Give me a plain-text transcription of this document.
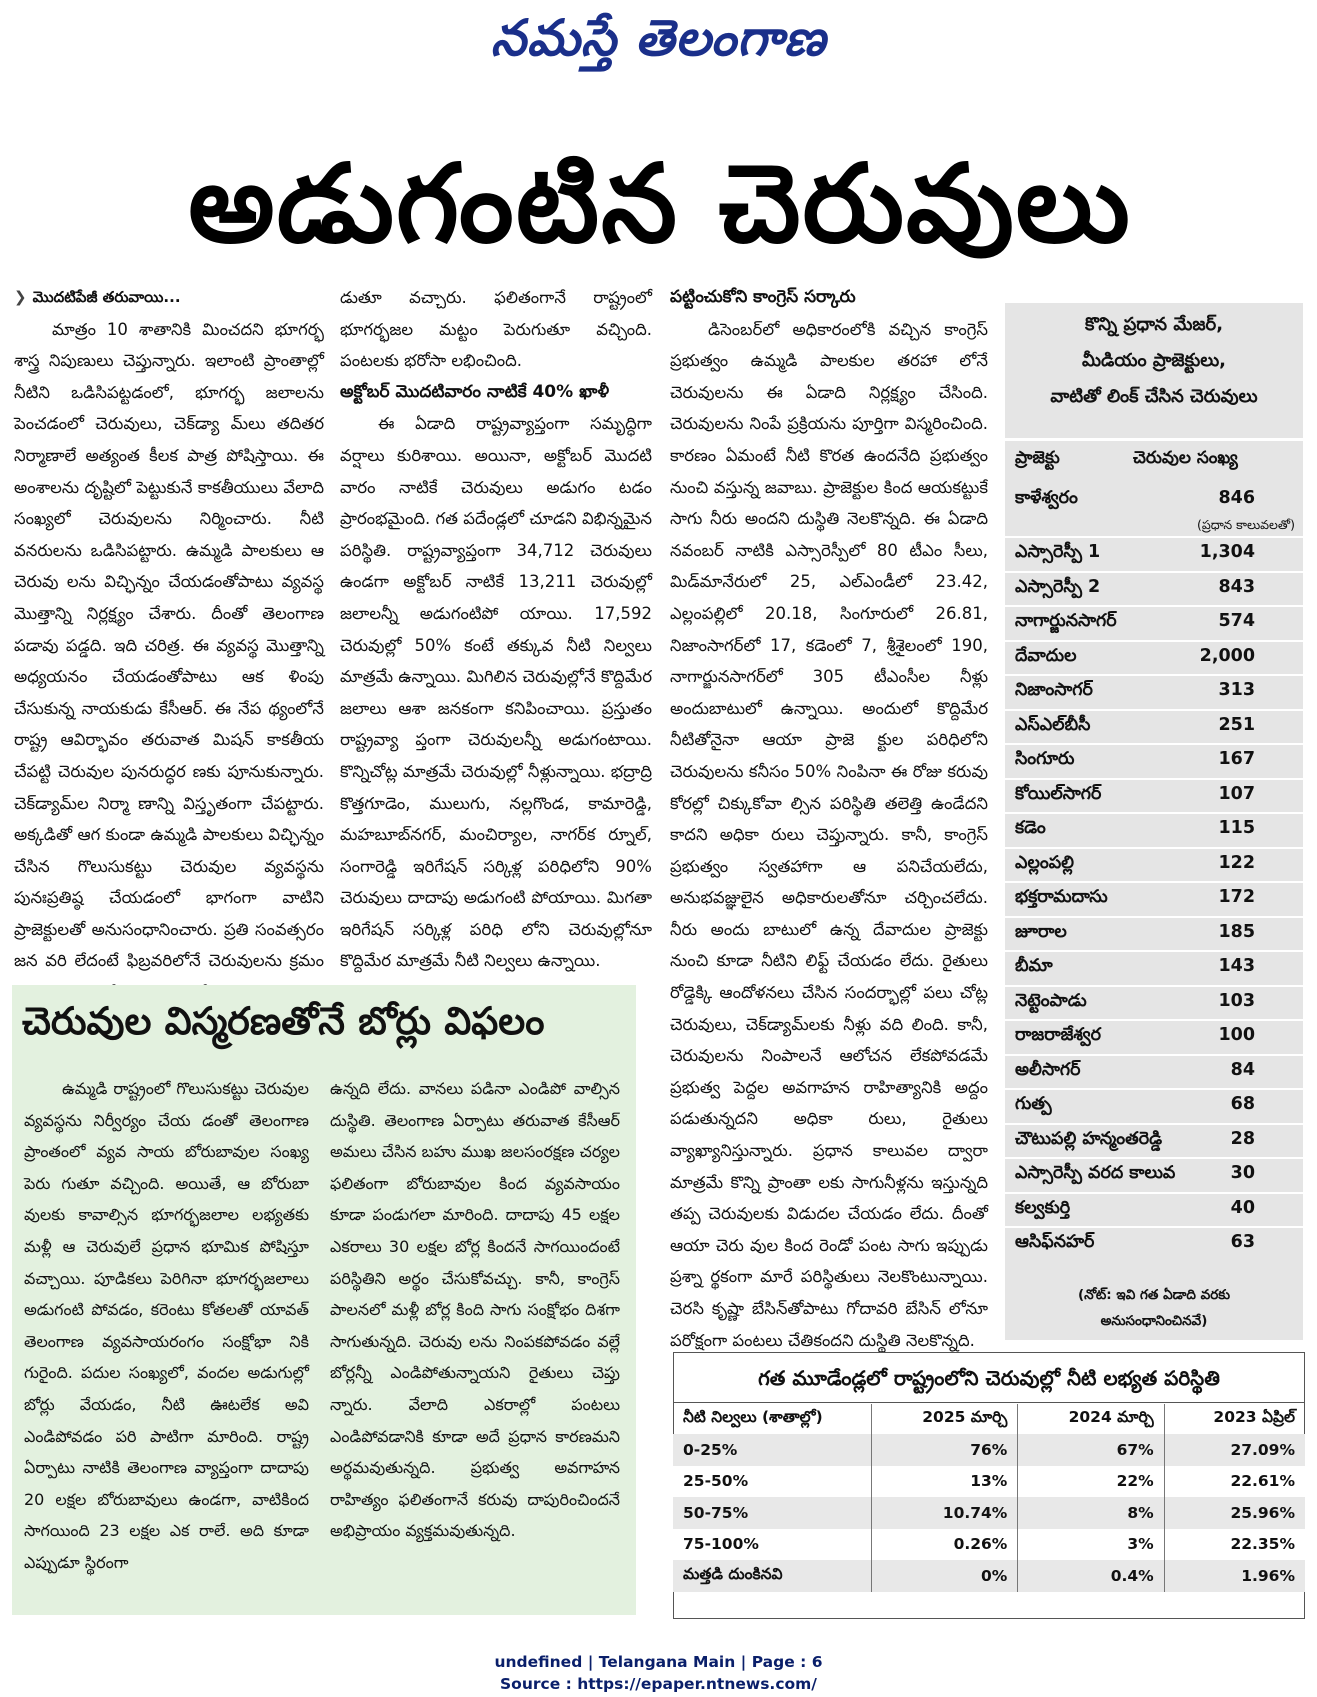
నమస్తే తెలంగాణ
అడుగంటిన చెరువులు

❯ మొదటిపేజీ తరువాయి...

మాత్రం 10 శాతానికి మించదని భూగర్భ శాస్త్ర నిపుణులు చెప్తున్నారు. ఇలాంటి ప్రాంతాల్లో నీటిని ఒడిసిపట్టడంలో, భూగర్భ జలాలను పెంచడంలో చెరువులు, చెక్‌డ్యా మ్‌లు తదితర నిర్మాణాలే అత్యంత కీలక పాత్ర పోషిస్తాయి. ఈ అంశాలను దృష్టిలో పెట్టుకునే కాకతీయులు వేలాది సంఖ్యలో చెరువులను నిర్మించారు. నీటి వనరులను ఒడిసిపట్టారు. ఉమ్మడి పాలకులు ఆ చెరువు లను విచ్ఛిన్నం చేయడంతోపాటు వ్యవస్థ మొత్తాన్ని నిర్లక్ష్యం చేశారు. దీంతో తెలంగాణ పడావు పడ్డది. ఇది చరిత్ర. ఈ వ్యవస్థ మొత్తాన్ని అధ్యయనం చేయడంతోపాటు ఆక ళింపు చేసుకున్న నాయకుడు కేసీఆర్. ఈ నేప థ్యంలోనే రాష్ట్ర ఆవిర్భావం తరువాత మిషన్ కాకతీయ చేపట్టి చెరువుల పునరుద్ధర ణకు పూనుకున్నారు. చెక్‌డ్యామ్‌ల నిర్మా ణాన్ని విస్తృతంగా చేపట్టారు. అక్కడితో ఆగ కుండా ఉమ్మడి పాలకులు విచ్ఛిన్నం చేసిన గొలుసుకట్టు చెరువుల వ్యవస్థను పునఃప్రతిష్ఠ చేయడంలో భాగంగా వాటిని ప్రాజెక్టులతో అనుసంధానించారు. ప్రతి సంవత్సరం జన వరి లేదంటే ఫిబ్రవరిలోనే చెరువులను క్రమం

డుతూ వచ్చారు. ఫలితంగానే రాష్ట్రంలో భూగర్భజల మట్టం పెరుగుతూ వచ్చింది. పంటలకు భరోసా లభించింది.

అక్టోబర్ మొదటివారం నాటికే 40% ఖాళీ

ఈ ఏడాది రాష్ట్రవ్యాప్తంగా సమృద్ధిగా వర్షాలు కురిశాయి. అయినా, అక్టోబర్ మొదటి వారం నాటికే చెరువులు అడుగం టడం ప్రారంభమైంది. గత పదేండ్లలో చూడని విభిన్నమైన పరిస్థితి. రాష్ట్రవ్యాప్తంగా 34,712 చెరువులు ఉండగా అక్టోబర్ నాటికే 13,211 చెరువుల్లో జలాలన్నీ అడుగంటిపో యాయి. 17,592 చెరువుల్లో 50% కంటే తక్కువ నీటి నిల్వలు మాత్రమే ఉన్నాయి. మిగిలిన చెరువుల్లోనే కొద్దిమేర జలాలు ఆశా జనకంగా కనిపించాయి. ప్రస్తుతం రాష్ట్రవ్యా ప్తంగా చెరువులన్నీ అడుగంటాయి. కొన్నిచోట్ల మాత్రమే చెరువుల్లో నీళ్లున్నాయి. భద్రాద్రి కొత్తగూడెం, ములుగు, నల్లగొండ, కామారెడ్డి, మహబూబ్‌నగర్, మంచిర్యాల, నాగర్‌క ర్నూల్, సంగారెడ్డి ఇరిగేషన్ సర్కిళ్ల పరిధిలోని 90% చెరువులు దాదాపు అడుగంటి పోయాయి. మిగతా ఇరిగేషన్ సర్కిళ్ల పరిధి లోని చెరువుల్లోనూ కొద్దిమేర మాత్రమే నీటి నిల్వలు ఉన్నాయి.

పట్టించుకోని కాంగ్రెస్ సర్కారు

డిసెంబర్‌లో అధికారంలోకి వచ్చిన కాంగ్రెస్ ప్రభుత్వం ఉమ్మడి పాలకుల తరహా లోనే చెరువులను ఈ ఏడాది నిర్లక్ష్యం చేసింది. చెరువులను నింపే ప్రక్రియను పూర్తిగా విస్మరించింది. కారణం ఏమంటే నీటి కొరత ఉందనేది ప్రభుత్వం నుంచి వస్తున్న జవాబు. ప్రాజెక్టుల కింద ఆయకట్టుకే సాగు నీరు అందని దుస్థితి నెలకొన్నది. ఈ ఏడాది నవంబర్ నాటికి ఎస్సారెస్పీలో 80 టీఎం సీలు, మిడ్‌మానేరులో 25, ఎల్‌ఎండీలో 23.42, ఎల్లంపల్లిలో 20.18, సింగూరులో 26.81, నిజాంసాగర్‌లో 17, కడెంలో 7, శ్రీశైలంలో 190, నాగార్జునసాగర్‌లో 305 టీఎంసీల నీళ్లు అందుబాటులో ఉన్నాయి. అందులో కొద్దిమేర నీటితోనైనా ఆయా ప్రాజె క్టుల పరిధిలోని చెరువులను కనీసం 50% నింపినా ఈ రోజు కరువు కోరల్లో చిక్కుకోవా ల్సిన పరిస్థితి తలెత్తి ఉండేదని కాదని అధికా రులు చెప్తున్నారు. కానీ, కాంగ్రెస్ ప్రభుత్వం స్వతహాగా ఆ పనిచేయలేదు, అనుభవజ్ఞులైన అధికారులతోనూ చర్చించలేదు. నీరు అందు బాటులో ఉన్న దేవాదుల ప్రాజెక్టు నుంచి కూడా నీటిని లిఫ్ట్ చేయడం లేదు. రైతులు రోడ్డెక్కి ఆందోళనలు చేసిన సందర్భాల్లో పలు చోట్ల చెరువులు, చెక్‌డ్యామ్‌లకు నీళ్లు వది లింది. కానీ, చెరువులను నింపాలనే ఆలోచన లేకపోవడమే ప్రభుత్వ పెద్దల అవగాహన రాహిత్యానికి అద్దం పడుతున్నదని అధికా రులు, రైతులు వ్యాఖ్యానిస్తున్నారు. ప్రధాన కాలువల ద్వారా మాత్రమే కొన్ని ప్రాంతా లకు సాగునీళ్లను ఇస్తున్నది తప్ప చెరువులకు విడుదల చేయడం లేదు. దీంతో ఆయా చెరు వుల కింద రెండో పంట సాగు ఇప్పుడు ప్రశ్నా ర్థకంగా మారే పరిస్థితులు నెలకొంటున్నాయి. చెరసి కృష్ణా బేసిన్‌తోపాటు గోదావరి బేసిన్ లోనూ పరోక్షంగా పంటలు చేతికందని దుస్థితి నెలకొన్నది.

చెరువుల విస్మరణతోనే బోర్లు విఫలం

ఉమ్మడి రాష్ట్రంలో గొలుసుకట్టు చెరువుల వ్యవస్థను నిర్వీర్యం చేయ డంతో తెలంగాణ ప్రాంతంలో వ్యవ సాయ బోరుబావుల సంఖ్య పెరు గుతూ వచ్చింది. అయితే, ఆ బోరుబా వులకు కావాల్సిన భూగర్భజలాల లభ్యతకు మళ్లీ ఆ చెరువులే ప్రధాన భూమిక పోషిస్తూ వచ్చాయి. పూడికలు పెరిగినా భూగర్భజలాలు అడుగంటి పోవడం, కరెంటు కోతలతో యావత్ తెలంగాణ వ్యవసాయరంగం సంక్షోభా నికి గురైంది. పదుల సంఖ్యలో, వందల అడుగుల్లో బోర్లు వేయడం, నీటి ఊటలేక అవి ఎండిపోవడం పరి పాటిగా మారింది. రాష్ట్ర ఏర్పాటు నాటికి తెలంగాణ వ్యాప్తంగా దాదాపు 20 లక్షల బోరుబావులు ఉండగా, వాటికింద సాగయింది 23 లక్షల ఎక రాలే. అది కూడా ఎప్పుడూ స్థిరంగా

ఉన్నది లేదు. వానలు పడినా ఎండిపో వాల్సిన దుస్థితి. తెలంగాణ ఏర్పాటు తరువాత కేసీఆర్ అమలు చేసిన బహు ముఖ జలసంరక్షణ చర్యల ఫలితంగా బోరుబావుల కింద వ్యవసాయం కూడా పండుగలా మారింది. దాదాపు 45 లక్షల ఎకరాలు 30 లక్షల బోర్ల కిందనే సాగయిందంటే పరిస్థితిని అర్థం చేసుకోవచ్చు. కానీ, కాంగ్రెస్ పాలనలో మళ్లీ బోర్ల కింది సాగు సంక్షోభం దిశగా సాగుతున్నది. చెరువు లను నింపకపోవడం వల్లే బోర్లన్నీ ఎండిపోతున్నాయని రైతులు చెప్తు న్నారు. వేలాది ఎకరాల్లో పంటలు ఎండిపోవడానికి కూడా అదే ప్రధాన కారణమని అర్థమవుతున్నది. ప్రభుత్వ అవగాహన రాహిత్యం ఫలితంగానే కరువు దాపురించిందనే అభిప్రాయం వ్యక్తమవుతున్నది.

కొన్ని ప్రధాన మేజర్,
మీడియం ప్రాజెక్టులు,
వాటితో లింక్ చేసిన చెరువులు
ప్రాజెక్టు	చెరువుల సంఖ్య
కాళేశ్వరం	846
(ప్రధాన కాలువలతో)
ఎస్సారెస్పీ 1	1,304
ఎస్సారెస్పీ 2	843
నాగార్జునసాగర్	574
దేవాదుల	2,000
నిజాంసాగర్	313
ఎస్‌ఎల్‌బీసీ	251
సింగూరు	167
కోయిల్‌సాగర్	107
కడెం	115
ఎల్లంపల్లి	122
భక్తరామదాసు	172
జూరాల	185
బీమా	143
నెట్టెంపాడు	103
రాజరాజేశ్వర	100
అలీసాగర్	84
గుత్ప	68
చౌటుపల్లి హన్మంతరెడ్డి	28
ఎస్సారెస్పీ వరద కాలువ	30
కల్వకుర్తి	40
ఆసిఫ్‌నహర్	63
(నోట్: ఇవి గత ఏడాది వరకు
అనుసంధానించినవే)
గత మూడేండ్లలో రాష్ట్రంలోని చెరువుల్లో నీటి లభ్యత పరిస్థితి
నీటి నిల్వలు (శాతాల్లో)	2025 మార్చి	2024 మార్చి	2023 ఏప్రిల్
0-25%	76%	67%	27.09%
25-50%	13%	22%	22.61%
50-75%	10.74%	8%	25.96%
75-100%	0.26%	3%	22.35%
మత్తడి దుంకినవి	0%	0.4%	1.96%
undefined | Telangana Main | Page : 6
Source : https://epaper.ntnews.com/
